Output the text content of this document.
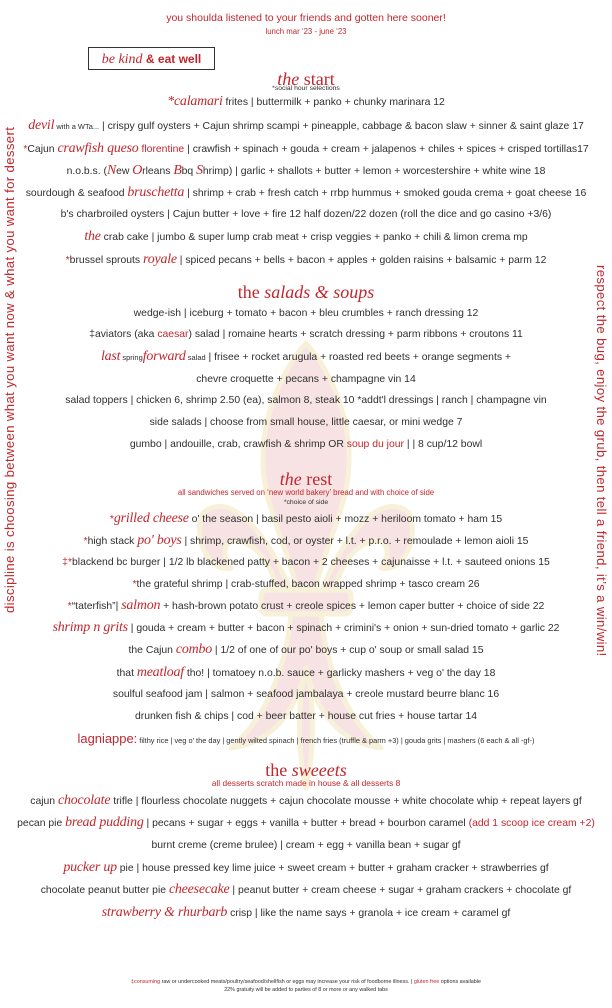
discipline is choosing between what you want now & what you want for dessert	respect the bug, enjoy the grub, then tell a friend, it’s a win/win!
you shoulda listened to your friends and gotten here sooner!
lunch mar ‘23 - june ‘23
be kind & eat well
the start
*social hour selections
*calamari frites | buttermilk + panko + chunky marinara 12
devil with a WTa... | crispy gulf oysters + Cajun shrimp scampi + pineapple, cabbage & bacon slaw + sinner & saint glaze 17
*Cajun crawfish queso florentine | crawfish + spinach + gouda + cream + jalapenos + chiles + spices + crisped tortillas17
n.o.b.s. (New Orleans Bbq Shrimp) | garlic + shallots + butter + lemon + worcestershire + white wine 18
sourdough & seafood bruschetta | shrimp + crab + fresh catch + rrbp hummus + smoked gouda crema + goat cheese 16
b's charbroiled oysters | Cajun butter + love + fire 12 half dozen/22 dozen (roll the dice and go casino +3/6)
the crab cake | jumbo & super lump crab meat + crisp veggies + panko + chili & limon crema mp
*brussel sprouts royale | spiced pecans + bells + bacon + apples + golden raisins + balsamic + parm 12
the salads & soups
wedge-ish | iceburg + tomato + bacon + bleu crumbles + ranch dressing 12
‡aviators (aka caesar) salad | romaine hearts + scratch dressing + parm ribbons + croutons 11
last springforward salad | frisee + rocket arugula + roasted red beets + orange segments +
chevre croquette + pecans + champagne vin 14
salad toppers | chicken 6, shrimp 2.50 (ea), salmon 8, steak 10 *addt'l dressings | ranch | champagne vin
side salads | choose from small house, little caesar, or mini wedge 7
gumbo | andouille, crab, crawfish & shrimp OR soup du jour | | 8 cup/12 bowl
the rest
all sandwiches served on ‘new world bakery’ bread and with choice of side
*choice of side
*grilled cheese o' the season | basil pesto aioli + mozz + heriloom tomato + ham 15
*high stack po' boys | shrimp, crawfish, cod, or oyster + l.t. + p.r.o. + remoulade + lemon aioli 15
‡*blackend bc burger | 1/2 lb blackened patty + bacon + 2 cheeses + cajunaisse + l.t. + sauteed onions 15
*the grateful shrimp | crab-stuffed, bacon wrapped shrimp + tasco cream 26
*“taterfish”| salmon + hash-brown potato crust + creole spices + lemon caper butter + choice of side 22
shrimp n grits | gouda + cream + butter + bacon + spinach + crimini's + onion + sun-dried tomato + garlic 22
the Cajun combo | 1/2 of one of our po' boys + cup o' soup or small salad 15
that meatloaf tho! | tomatoey n.o.b. sauce + garlicky mashers + veg o' the day 18
soulful seafood jam | salmon + seafood jambalaya + creole mustard beurre blanc 16
drunken fish & chips | cod + beer batter + house cut fries + house tartar 14
lagniappe: filthy rice | veg o' the day | gently wilted spinach | french fries (truffle & parm +3) | gouda grits | mashers (6 each & all -gf-)
the sweeets
all desserts scratch made in house & all desserts 8
cajun chocolate trifle | flourless chocolate nuggets + cajun chocolate mousse + white chocolate whip + repeat layers gf
pecan pie bread pudding | pecans + sugar + eggs + vanilla + butter + bread + bourbon caramel (add 1 scoop ice cream +2)
burnt creme (creme brulee) | cream + egg + vanilla bean + sugar gf
pucker up pie | house pressed key lime juice + sweet cream + butter + graham cracker + strawberries gf
chocolate peanut butter pie cheesecake | peanut butter + cream cheese + sugar + graham crackers + chocolate gf
strawberry & rhurbarb crisp | like the name says + granola + ice cream + caramel gf
‡consuming raw or undercooked meats/poultry/seafood/shellfish or eggs may increase your risk of foodborne illness. | gluten free options available
22% gratuity will be added to parties of 8 or more or any walked tabs
